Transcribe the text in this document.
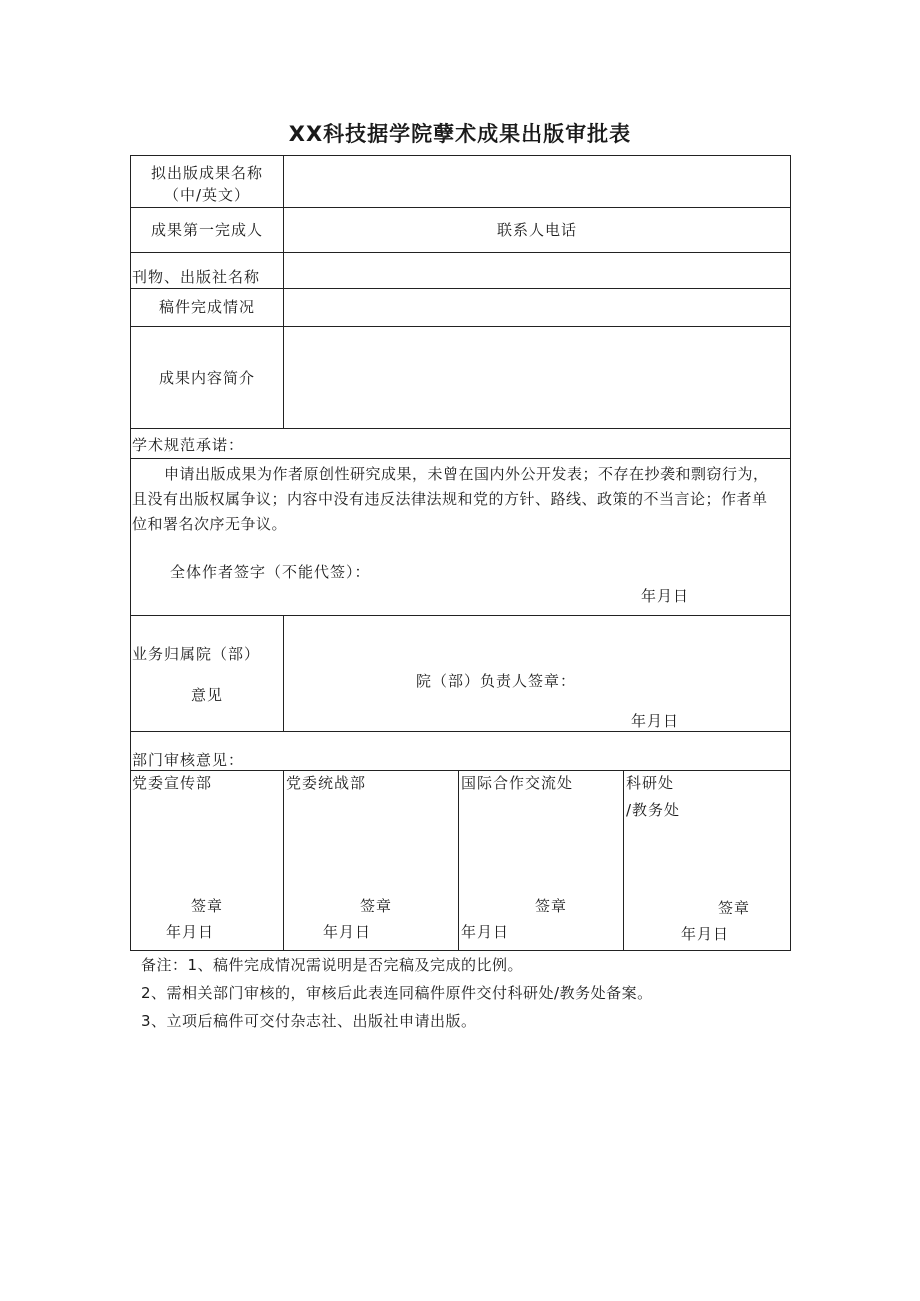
XX科技据学院孽术成果出版审批表
拟出版成果名称
（中/英文）
成果第一完成人	联系人电话
刊物、出版社名称
稿件完成情况
成果内容简介
学术规范承诺：
申请出版成果为作者原创性研究成果，未曾在国内外公开发表；不存在抄袭和剽窃行为，且没有出版权属争议；内容中没有违反法律法规和党的方针、路线、政策的不当言论；作者单位和署名次序无争议。
全体作者签字（不能代签）：
年月日
业务归属院（部）
意见
院（部）负责人签章：
年月日
部门审核意见：
党委宣传部
签章
年月日
党委统战部
签章
年月日
国际合作交流处
签章
年月日
科研处
/教务处
签章
年月日
备注：1、稿件完成情况需说明是否完稿及完成的比例。
2、需相关部门审核的，审核后此表连同稿件原件交付科研处/教务处备案。
3、立项后稿件可交付杂志社、出版社申请出版。
